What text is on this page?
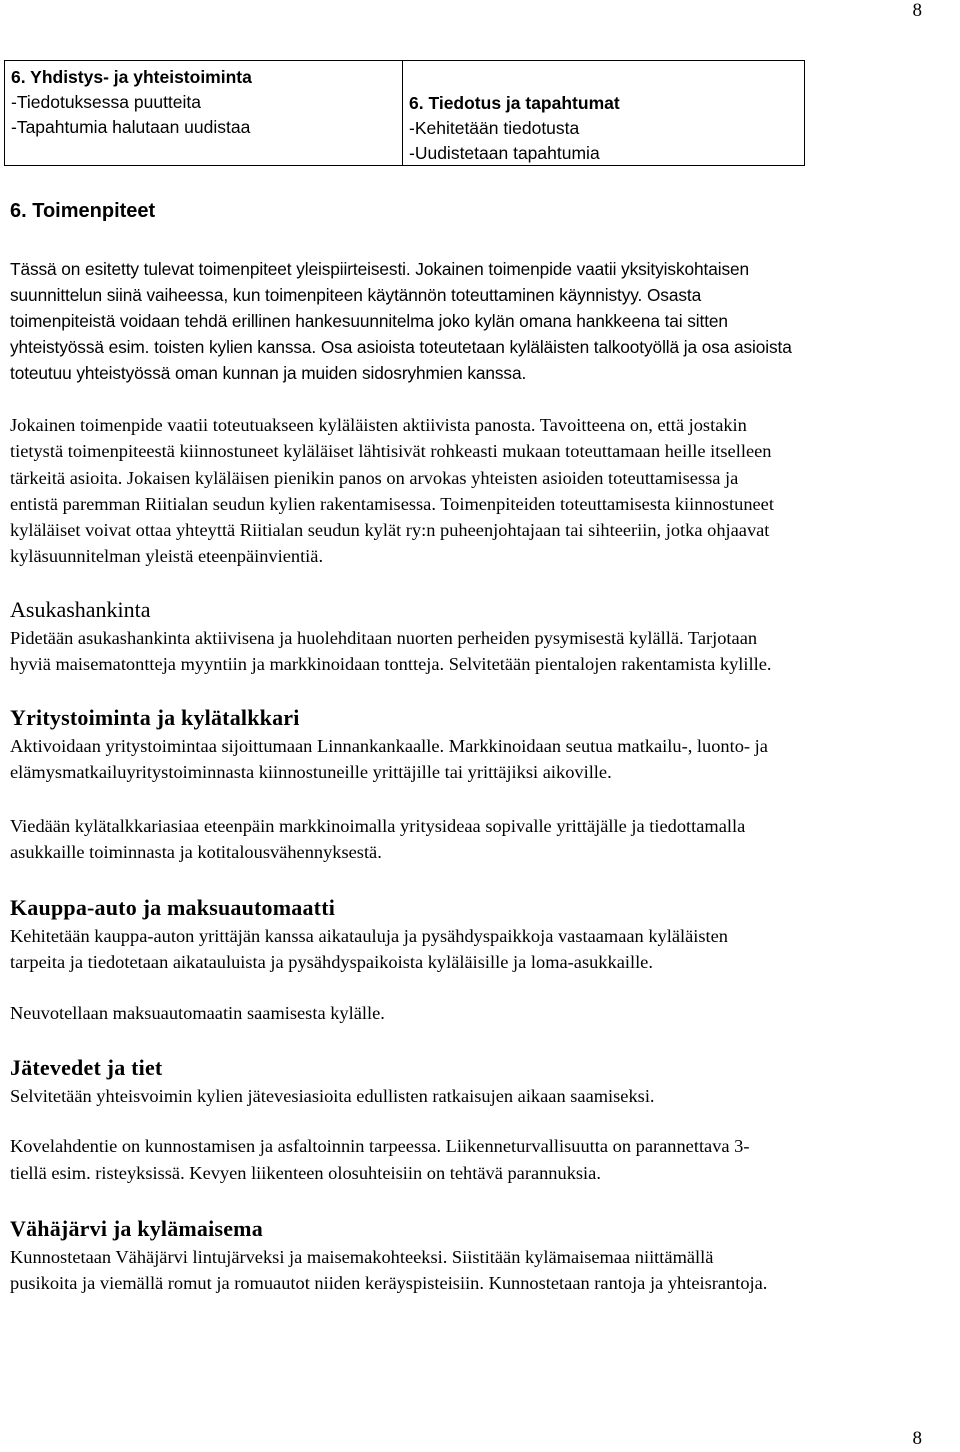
8
6. Yhdistys- ja yhteistoiminta
-Tiedotuksessa puutteita
-Tapahtumia halutaan uudistaa
6. Tiedotus ja tapahtumat
-Kehitetään tiedotusta
-Uudistetaan tapahtumia
6. Toimenpiteet
Tässä on esitetty tulevat toimenpiteet yleispiirteisesti. Jokainen toimenpide vaatii yksityiskohtaisen
suunnittelun siinä vaiheessa, kun toimenpiteen käytännön toteuttaminen käynnistyy. Osasta
toimenpiteistä voidaan tehdä erillinen hankesuunnitelma joko kylän omana hankkeena tai sitten
yhteistyössä esim. toisten kylien kanssa. Osa asioista toteutetaan kyläläisten talkootyöllä ja osa asioista
toteutuu yhteistyössä oman kunnan ja muiden sidosryhmien kanssa.
Jokainen toimenpide vaatii toteutuakseen kyläläisten aktiivista panosta. Tavoitteena on, että jostakin
tietystä toimenpiteestä kiinnostuneet kyläläiset lähtisivät rohkeasti mukaan toteuttamaan heille itselleen
tärkeitä asioita. Jokaisen kyläläisen pienikin panos on arvokas yhteisten asioiden toteuttamisessa ja
entistä paremman Riitialan seudun kylien rakentamisessa. Toimenpiteiden toteuttamisesta kiinnostuneet
kyläläiset voivat ottaa yhteyttä Riitialan seudun kylät ry:n puheenjohtajaan tai sihteeriin, jotka ohjaavat
kyläsuunnitelman yleistä eteenpäinvientiä.
Asukashankinta
Pidetään asukashankinta aktiivisena ja huolehditaan nuorten perheiden pysymisestä kylällä. Tarjotaan
hyviä maisematontteja myyntiin ja markkinoidaan tontteja. Selvitetään pientalojen rakentamista kylille.
Yritystoiminta ja kylätalkkari
Aktivoidaan yritystoimintaa sijoittumaan Linnankankaalle. Markkinoidaan seutua matkailu-, luonto- ja
elämysmatkailuyritystoiminnasta kiinnostuneille yrittäjille tai yrittäjiksi aikoville.
Viedään kylätalkkariasiaa eteenpäin markkinoimalla yritysideaa sopivalle yrittäjälle ja tiedottamalla
asukkaille toiminnasta ja kotitalousvähennyksestä.
Kauppa-auto ja maksuautomaatti
Kehitetään kauppa-auton yrittäjän kanssa aikatauluja ja pysähdyspaikkoja vastaamaan kyläläisten
tarpeita ja tiedotetaan aikatauluista ja pysähdyspaikoista kyläläisille ja loma-asukkaille.
Neuvotellaan maksuautomaatin saamisesta kylälle.
Jätevedet ja tiet
Selvitetään yhteisvoimin kylien jätevesiasioita edullisten ratkaisujen aikaan saamiseksi.
Kovelahdentie on kunnostamisen ja asfaltoinnin tarpeessa. Liikenneturvallisuutta on parannettava 3-
tiellä esim. risteyksissä. Kevyen liikenteen olosuhteisiin on tehtävä parannuksia.
Vähäjärvi ja kylämaisema
Kunnostetaan Vähäjärvi lintujärveksi ja maisemakohteeksi. Siistitään kylämaisemaa niittämällä
pusikoita ja viemällä romut ja romuautot niiden keräyspisteisiin. Kunnostetaan rantoja ja yhteisrantoja.
8
